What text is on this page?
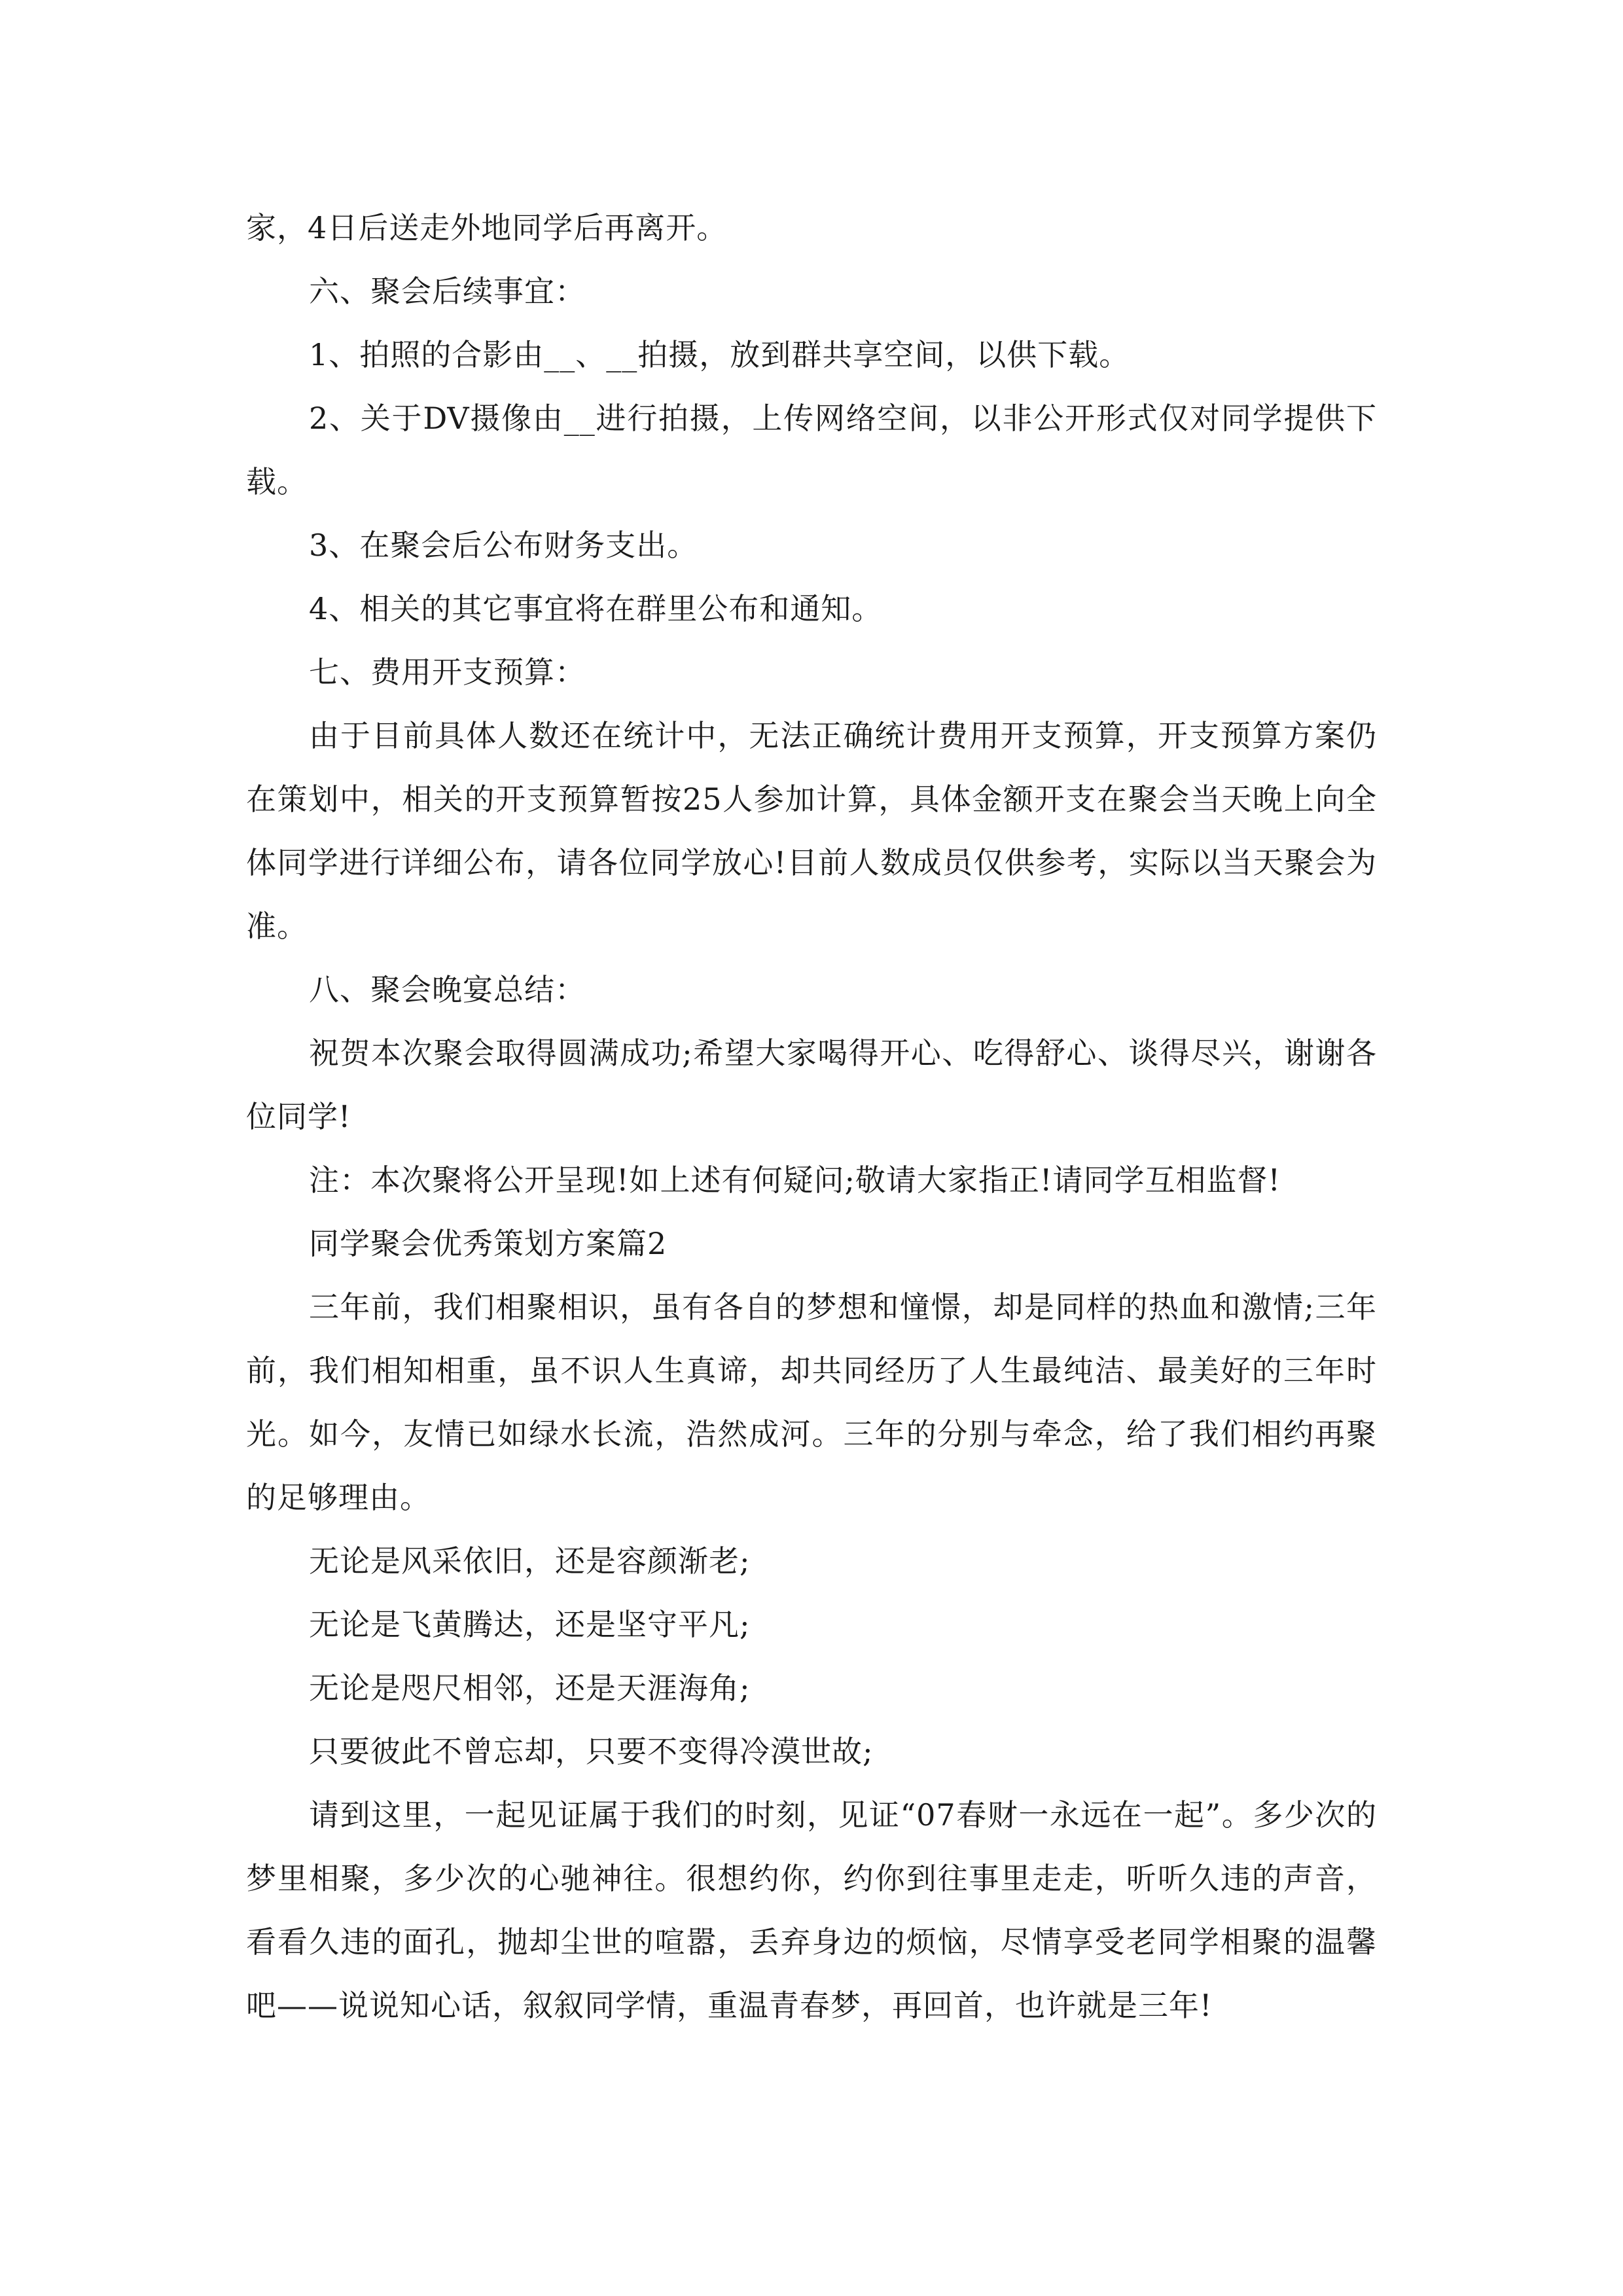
家，4日后送走外地同学后再离开。

六、聚会后续事宜：

1、拍照的合影由__、__拍摄，放到群共享空间，以供下载。

2、关于DV摄像由__进行拍摄，上传网络空间，以非公开形式仅对同学提供下载。

3、在聚会后公布财务支出。

4、相关的其它事宜将在群里公布和通知。

七、费用开支预算：

由于目前具体人数还在统计中，无法正确统计费用开支预算，开支预算方案仍在策划中，相关的开支预算暂按25人参加计算，具体金额开支在聚会当天晚上向全体同学进行详细公布，请各位同学放心!目前人数成员仅供参考，实际以当天聚会为准。

八、聚会晚宴总结：

祝贺本次聚会取得圆满成功;希望大家喝得开心、吃得舒心、谈得尽兴，谢谢各位同学!

注：本次聚将公开呈现!如上述有何疑问;敬请大家指正!请同学互相监督!

同学聚会优秀策划方案篇2

三年前，我们相聚相识，虽有各自的梦想和憧憬，却是同样的热血和激情;三年前，我们相知相重，虽不识人生真谛，却共同经历了人生最纯洁、最美好的三年时光。如今，友情已如绿水长流，浩然成河。三年的分别与牵念，给了我们相约再聚的足够理由。

无论是风采依旧，还是容颜渐老;

无论是飞黄腾达，还是坚守平凡;

无论是咫尺相邻，还是天涯海角;

只要彼此不曾忘却，只要不变得冷漠世故;

请到这里，一起见证属于我们的时刻，见证“07春财一永远在一起”。多少次的梦里相聚，多少次的心驰神往。很想约你，约你到往事里走走，听听久违的声音，看看久违的面孔，抛却尘世的喧嚣，丢弃身边的烦恼，尽情享受老同学相聚的温馨吧——说说知心话，叙叙同学情，重温青春梦，再回首，也许就是三年!
